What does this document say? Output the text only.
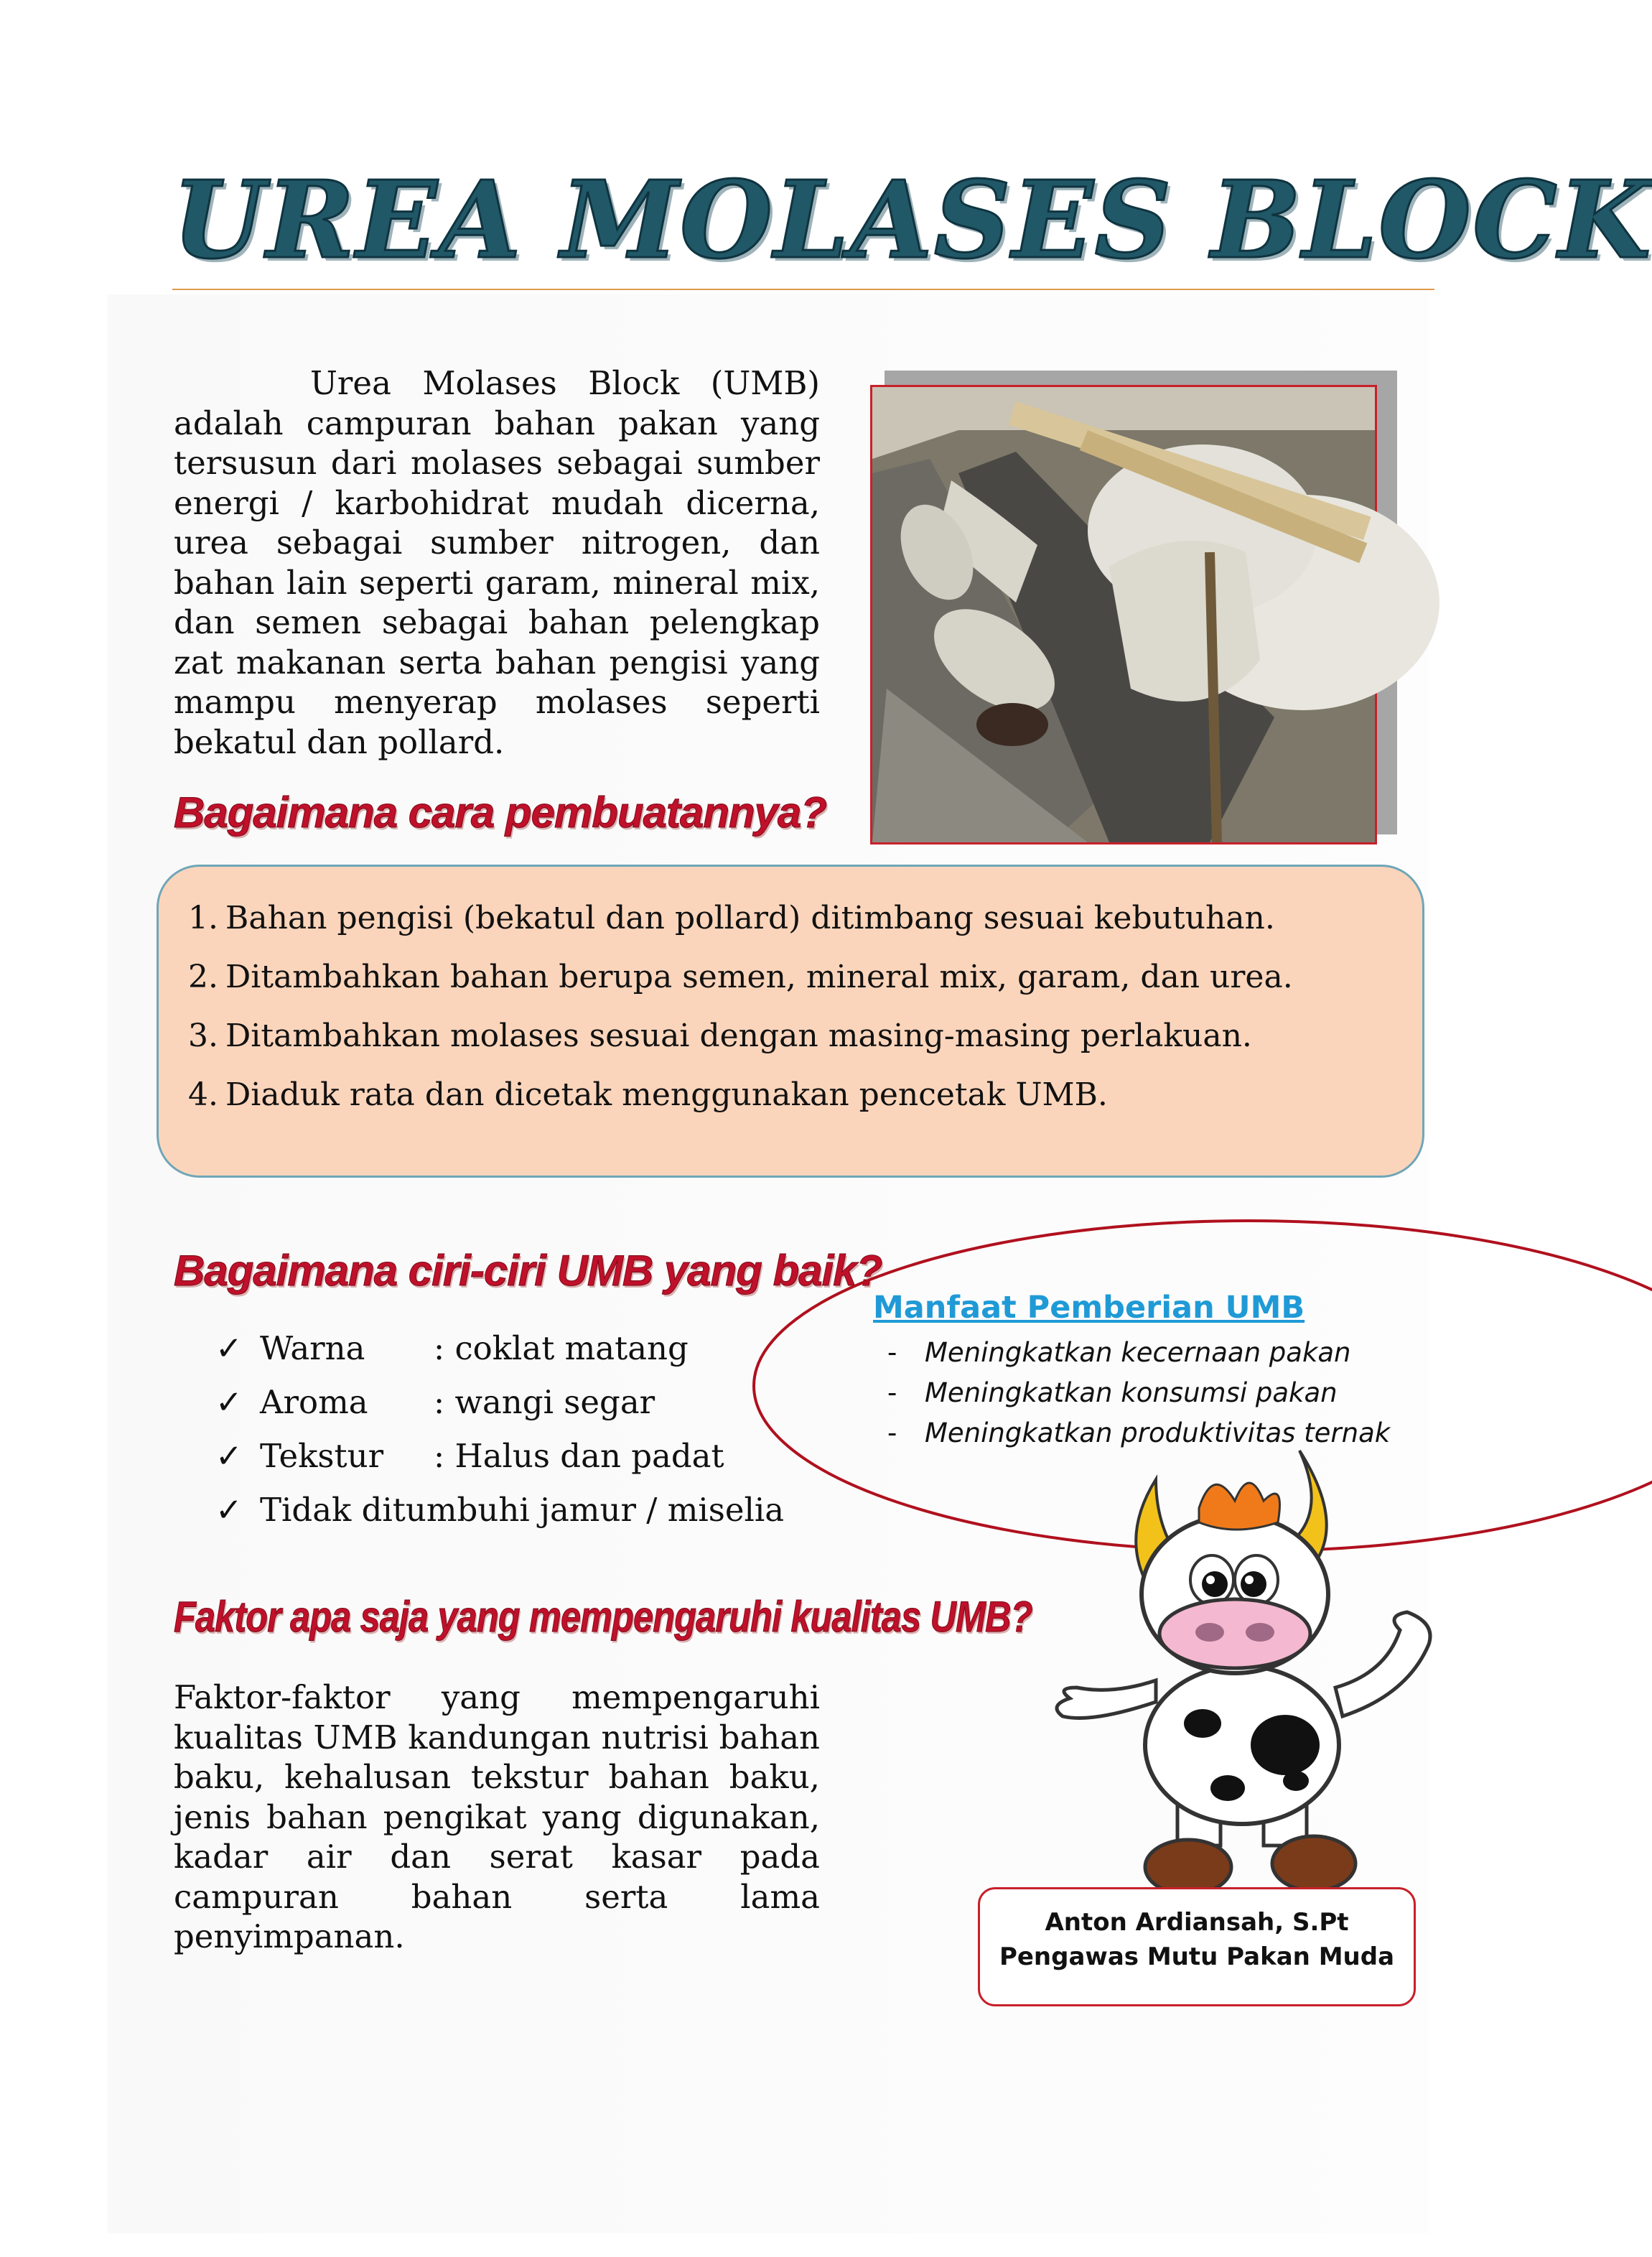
UREA MOLASES BLOCK
Urea Molases Block (UMB) adalah campuran bahan pakan yang tersusun dari molases sebagai sumber energi / karbohidrat mudah dicerna, urea sebagai sumber nitrogen, dan bahan lain seperti garam, mineral mix, dan semen sebagai bahan pelengkap zat makanan serta bahan pengisi yang mampu menyerap molases seperti bekatul dan pollard.
Bagaimana cara pembuatannya?
1. Bahan pengisi (bekatul dan pollard) ditimbang sesuai kebutuhan.
2. Ditambahkan bahan berupa semen, mineral mix, garam, dan urea.
3. Ditambahkan molases sesuai dengan masing-masing perlakuan.
4. Diaduk rata dan dicetak menggunakan pencetak UMB.
Bagaimana ciri-ciri UMB yang baik?
✓ Warna : coklat matang
✓ Aroma : wangi segar
✓ Tekstur : Halus dan padat
✓ Tidak ditumbuhi jamur / miselia
Faktor apa saja yang mempengaruhi kualitas UMB?
Faktor-faktor yang mempengaruhi kualitas UMB kandungan nutrisi bahan baku, kehalusan tekstur bahan baku, jenis bahan pengikat yang digunakan, kadar air dan serat kasar pada campuran bahan serta lama penyimpanan.
Manfaat Pemberian UMB
- Meningkatkan kecernaan pakan
- Meningkatkan konsumsi pakan
- Meningkatkan produktivitas ternak
Anton Ardiansah, S.Pt
Pengawas Mutu Pakan Muda
